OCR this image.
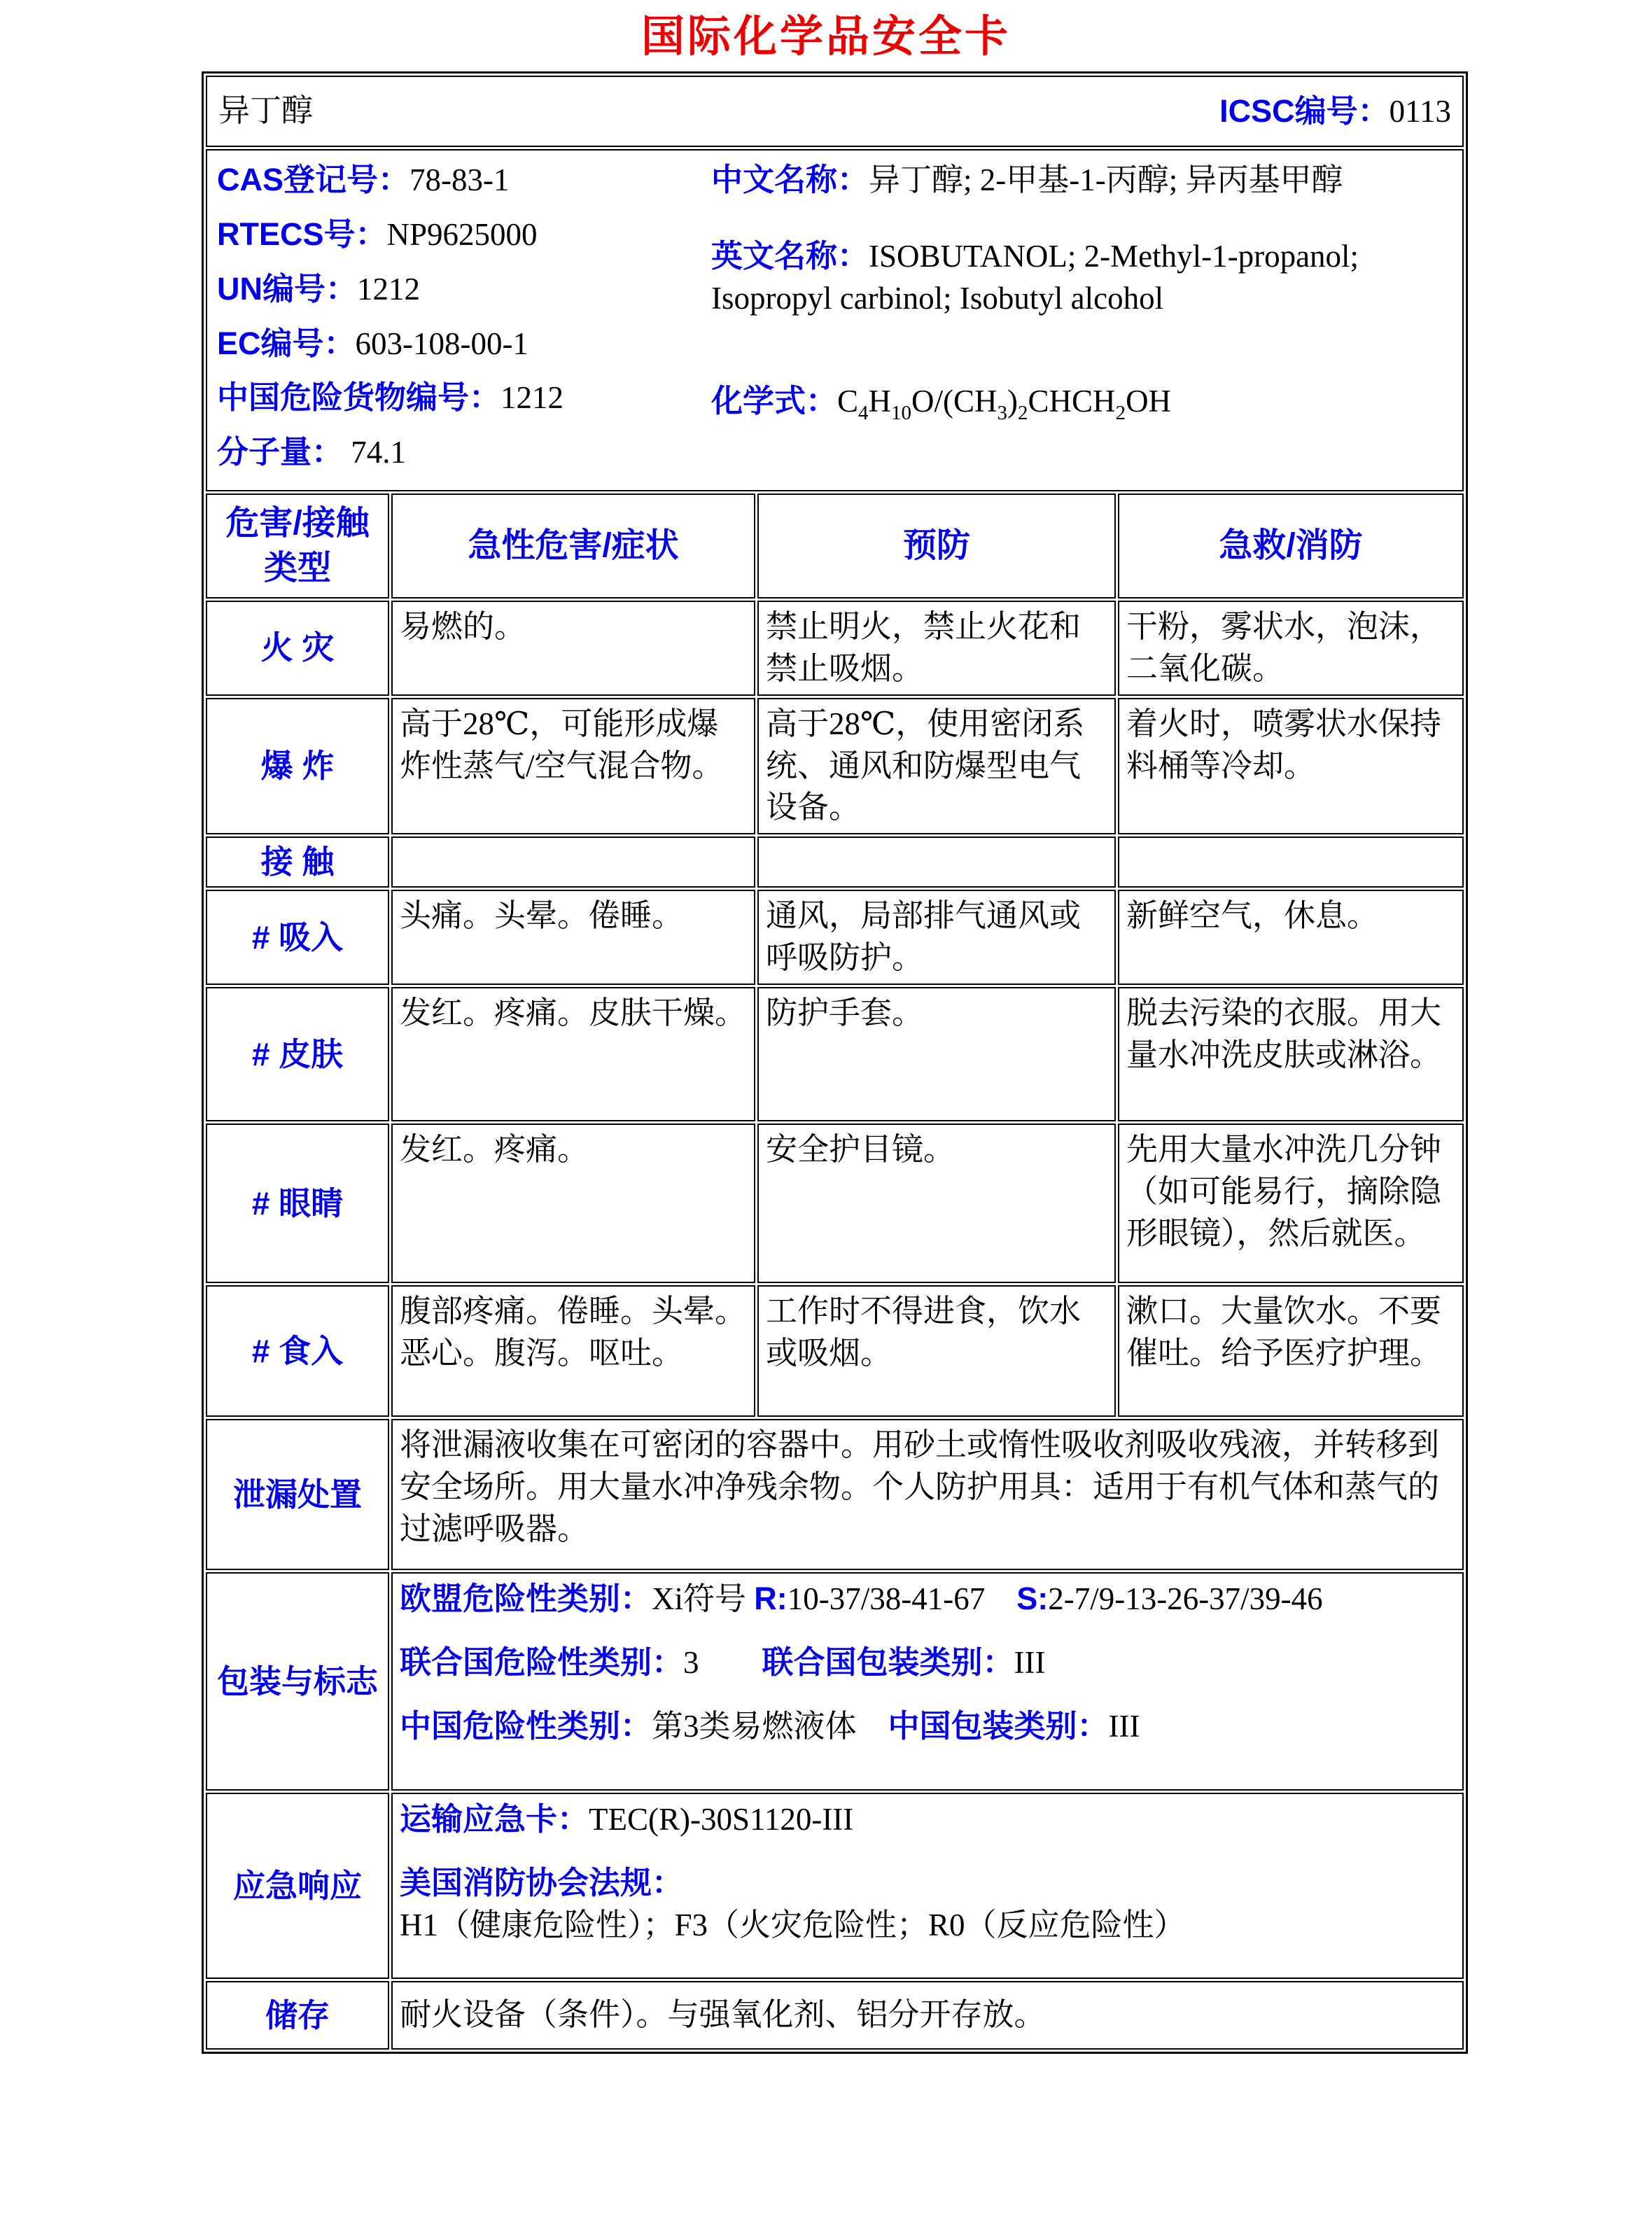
国际化学品安全卡
异丁醇 ICSC编号：0113			

CAS登记号：78-83-1
RTECS号：NP9625000
UN编号：1212
EC编号：603-108-00-1
中国危险货物编号：1212
分子量： 74.1
中文名称：异丁醇; 2-甲基-1-丙醇; 异丙基甲醇
英文名称：ISOBUTANOL; 2-Methyl-1-propanol; Isopropyl carbinol; Isobutyl alcohol
化学式：$C_4H_{10}O/(CH_3)_2CHCH_2OH$

危害/接触类型	急性危害/症状	预防	急救/消防
火 灾	易燃的。	禁止明火，禁止火花和禁止吸烟。	干粉，雾状水，泡沫，二氧化碳。
爆 炸	高于28℃，可能形成爆炸性蒸气/空气混合物。	高于28℃，使用密闭系统、通风和防爆型电气设备。	着火时，喷雾状水保持料桶等冷却。
接 触			
# 吸入	头痛。头晕。倦睡。	通风，局部排气通风或呼吸防护。	新鲜空气，休息。
# 皮肤	发红。疼痛。皮肤干燥。	防护手套。	脱去污染的衣服。用大量水冲洗皮肤或淋浴。
# 眼睛	发红。疼痛。	安全护目镜。	先用大量水冲洗几分钟（如可能易行，摘除隐形眼镜），然后就医。
# 食入	腹部疼痛。倦睡。头晕。恶心。腹泻。呕吐。	工作时不得进食，饮水或吸烟。	漱口。大量饮水。不要催吐。给予医疗护理。
泄漏处置	将泄漏液收集在可密闭的容器中。用砂土或惰性吸收剂吸收残液，并转移到安全场所。用大量水冲净残余物。个人防护用具：适用于有机气体和蒸气的过滤呼吸器。		
包装与标志	欧盟危险性类别：Xi符号 R:10-37/38-41-67　S:2-7/9-13-26-37/39-46
联合国危险性类别：3　　联合国包装类别：III
中国危险性类别：第3类易燃液体　中国包装类别：III		

应急响应	运输应急卡：TEC(R)-30S1120-III
美国消防协会法规：H1（健康危险性）；F3（火灾危险性；R0（反应危险性）		

储存	耐火设备（条件）。与强氧化剂、铝分开存放。		
